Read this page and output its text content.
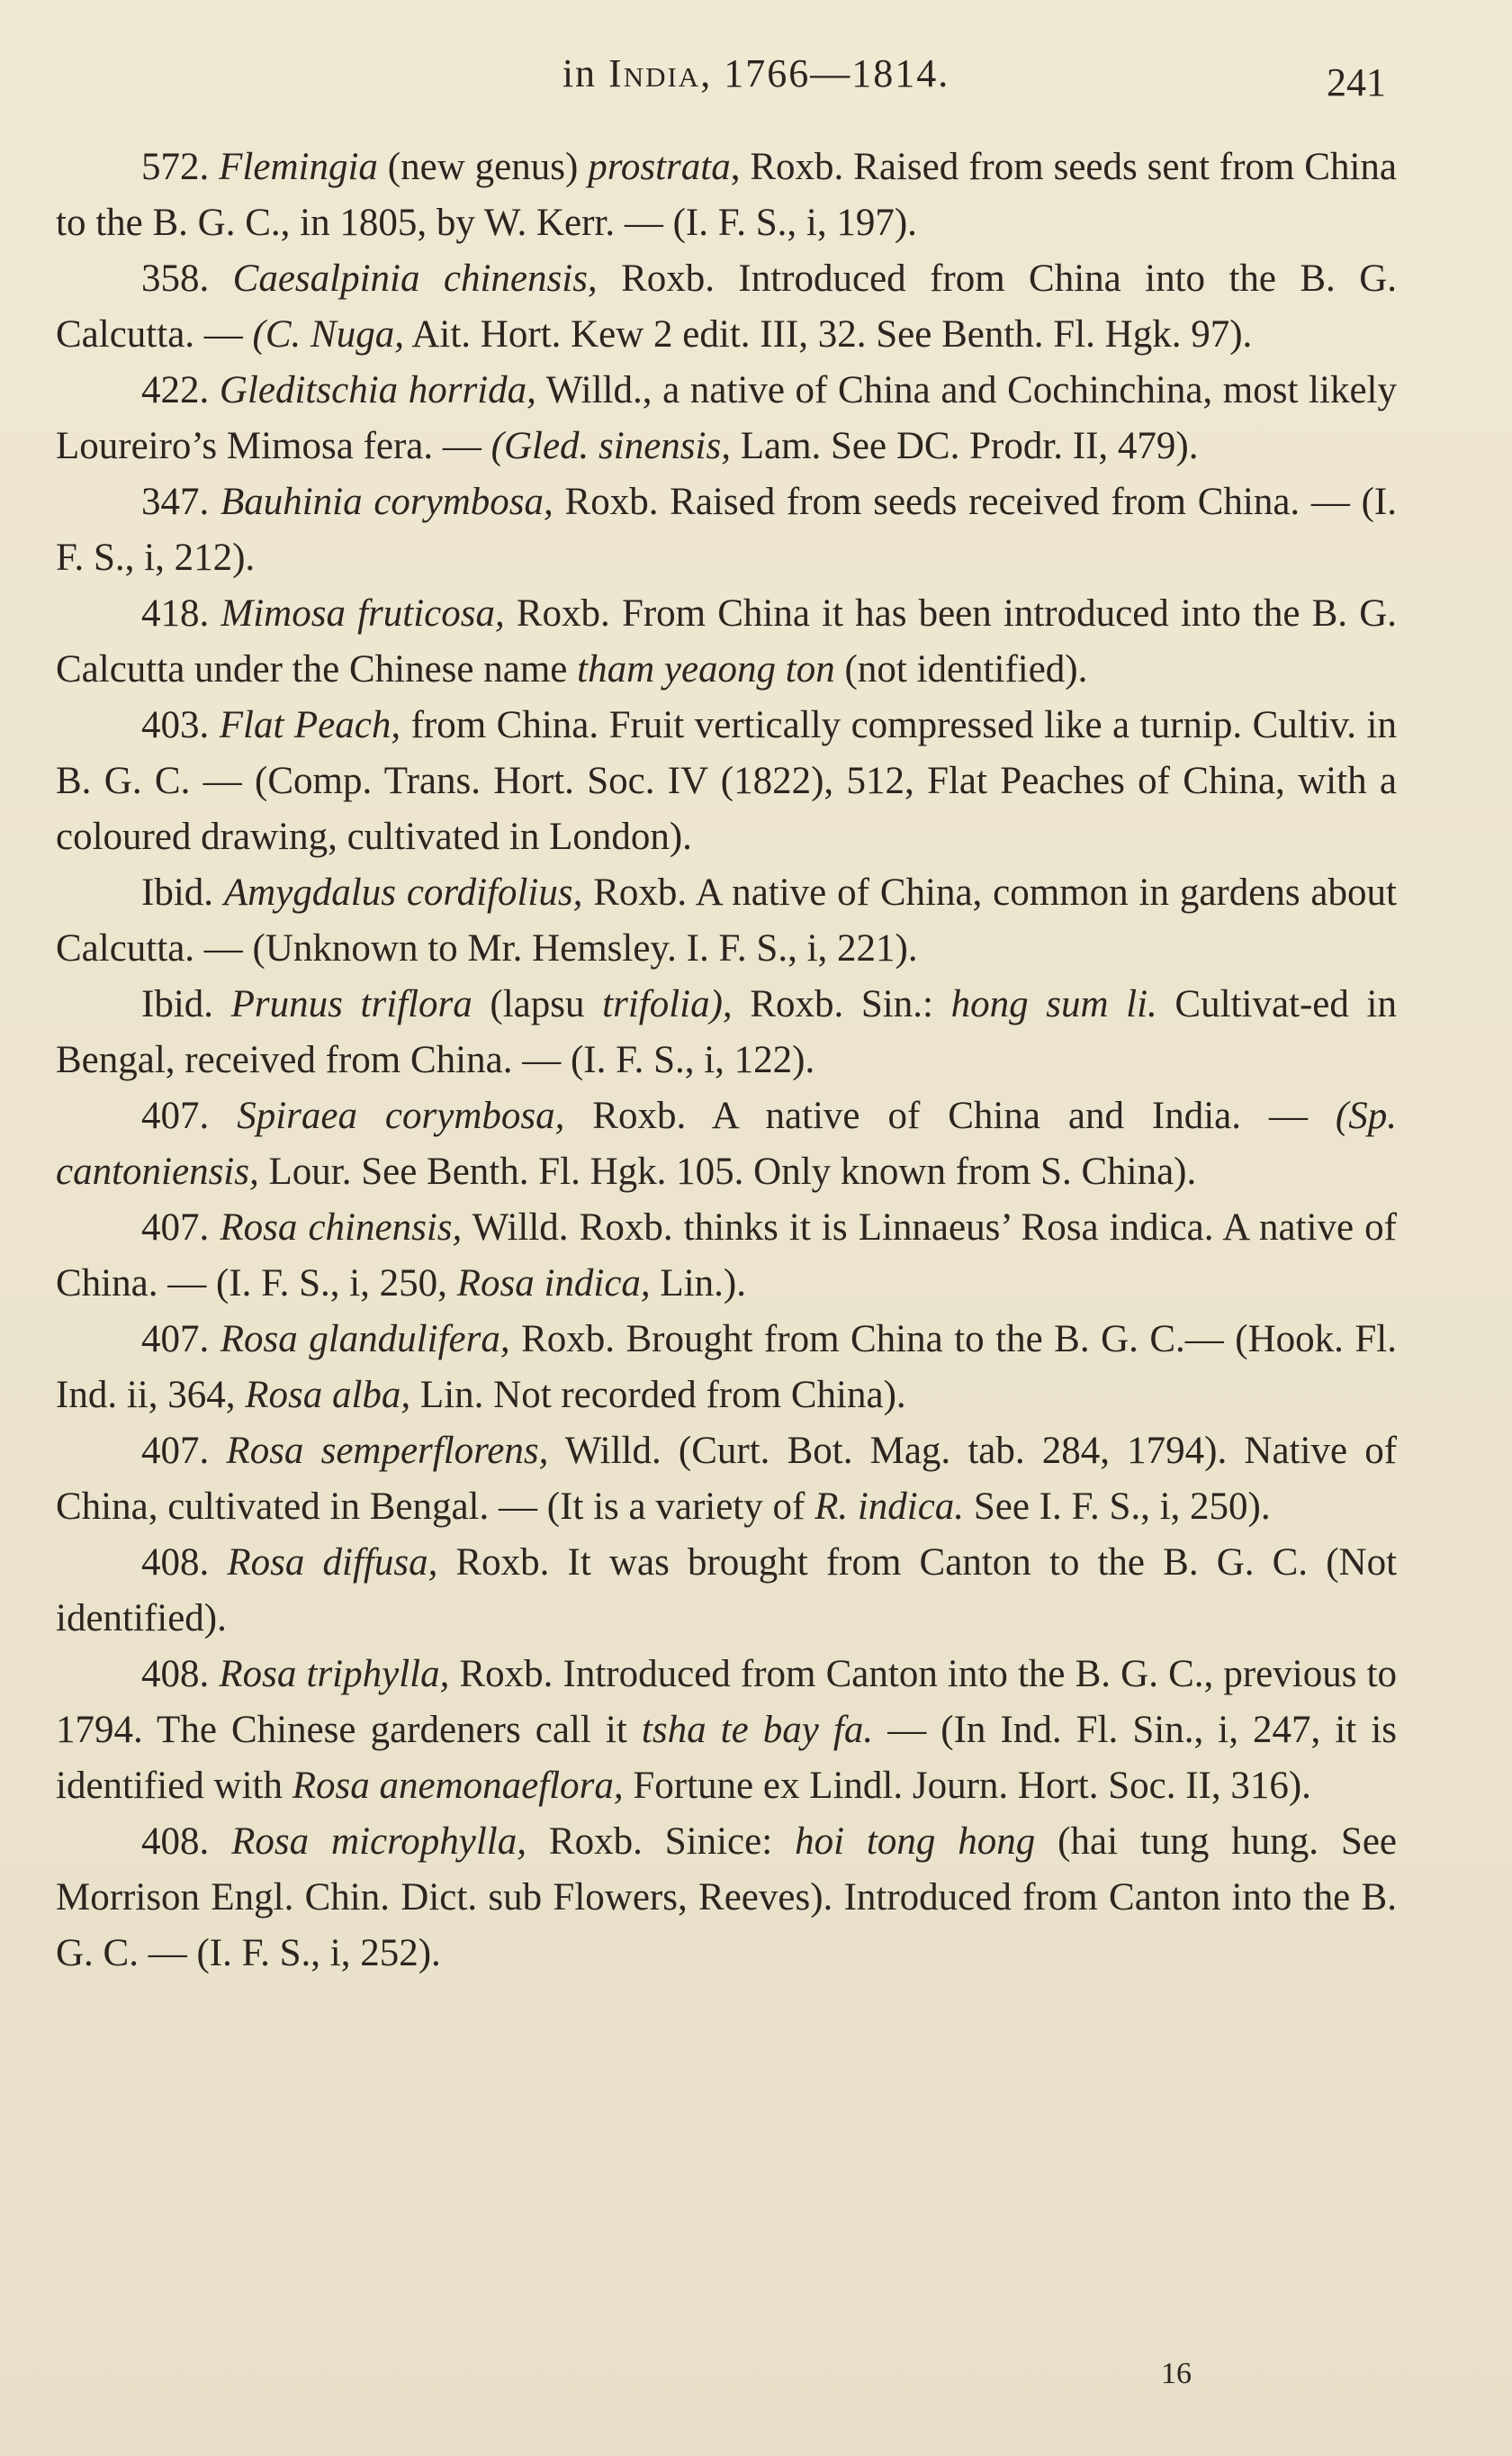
in India, 1766—1814.	241

572. Flemingia (new genus) prostrata, Roxb. Raised from seeds sent from China to the B. G. C., in 1805, by W. Kerr. — (I. F. S., i, 197).

358. Caesalpinia chinensis, Roxb. Introduced from China into the B. G. Calcutta. — (C. Nuga, Ait. Hort. Kew 2 edit. III, 32. See Benth. Fl. Hgk. 97).

422. Gleditschia horrida, Willd., a native of China and Cochinchina, most likely Loureiro’s Mimosa fera. — (Gled. sinensis, Lam. See DC. Prodr. II, 479).

347. Bauhinia corymbosa, Roxb. Raised from seeds received from China. — (I. F. S., i, 212).

418. Mimosa fruticosa, Roxb. From China it has been introduced into the B. G. Calcutta under the Chinese name tham yeaong ton (not identified).

403. Flat Peach, from China. Fruit vertically compressed like a turnip. Cultiv. in B. G. C. — (Comp. Trans. Hort. Soc. IV (1822), 512, Flat Peaches of China, with a coloured drawing, cultivated in London).

Ibid. Amygdalus cordifolius, Roxb. A native of China, common in gardens about Calcutta. — (Unknown to Mr. Hemsley. I. F. S., i, 221).

Ibid. Prunus triflora (lapsu trifolia), Roxb. Sin.: hong sum li. Cultivat-ed in Bengal, received from China. — (I. F. S., i, 122).

407. Spiraea corymbosa, Roxb. A native of China and India. — (Sp. cantoniensis, Lour. See Benth. Fl. Hgk. 105. Only known from S. China).

407. Rosa chinensis, Willd. Roxb. thinks it is Linnaeus’ Rosa indica. A native of China. — (I. F. S., i, 250, Rosa indica, Lin.).

407. Rosa glandulifera, Roxb. Brought from China to the B. G. C.— (Hook. Fl. Ind. ii, 364, Rosa alba, Lin. Not recorded from China).

407. Rosa semperflorens, Willd. (Curt. Bot. Mag. tab. 284, 1794). Native of China, cultivated in Bengal. — (It is a variety of R. indica. See I. F. S., i, 250).

408. Rosa diffusa, Roxb. It was brought from Canton to the B. G. C. (Not identified).

408. Rosa triphylla, Roxb. Introduced from Canton into the B. G. C., previous to 1794. The Chinese gardeners call it tsha te bay fa. — (In Ind. Fl. Sin., i, 247, it is identified with Rosa anemonaeflora, Fortune ex Lindl. Journ. Hort. Soc. II, 316).

408. Rosa microphylla, Roxb. Sinice: hoi tong hong (hai tung hung. See Morrison Engl. Chin. Dict. sub Flowers, Reeves). Introduced from Canton into the B. G. C. — (I. F. S., i, 252).

16
